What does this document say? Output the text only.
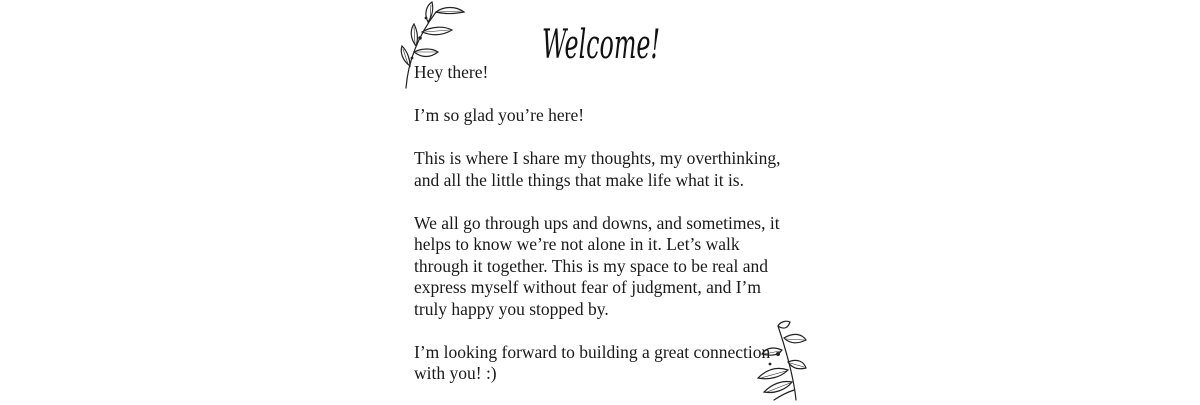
Welcome!

Hey there!

I’m so glad you’re here!

This is where I share my thoughts, my overthinking, and all the little things that make life what it is.

We all go through ups and downs, and sometimes, it helps to know we’re not alone in it. Let’s walk through it together. This is my space to be real and express myself without fear of judgment, and I’m truly happy you stopped by.

I’m looking forward to building a great connection with you! :)
